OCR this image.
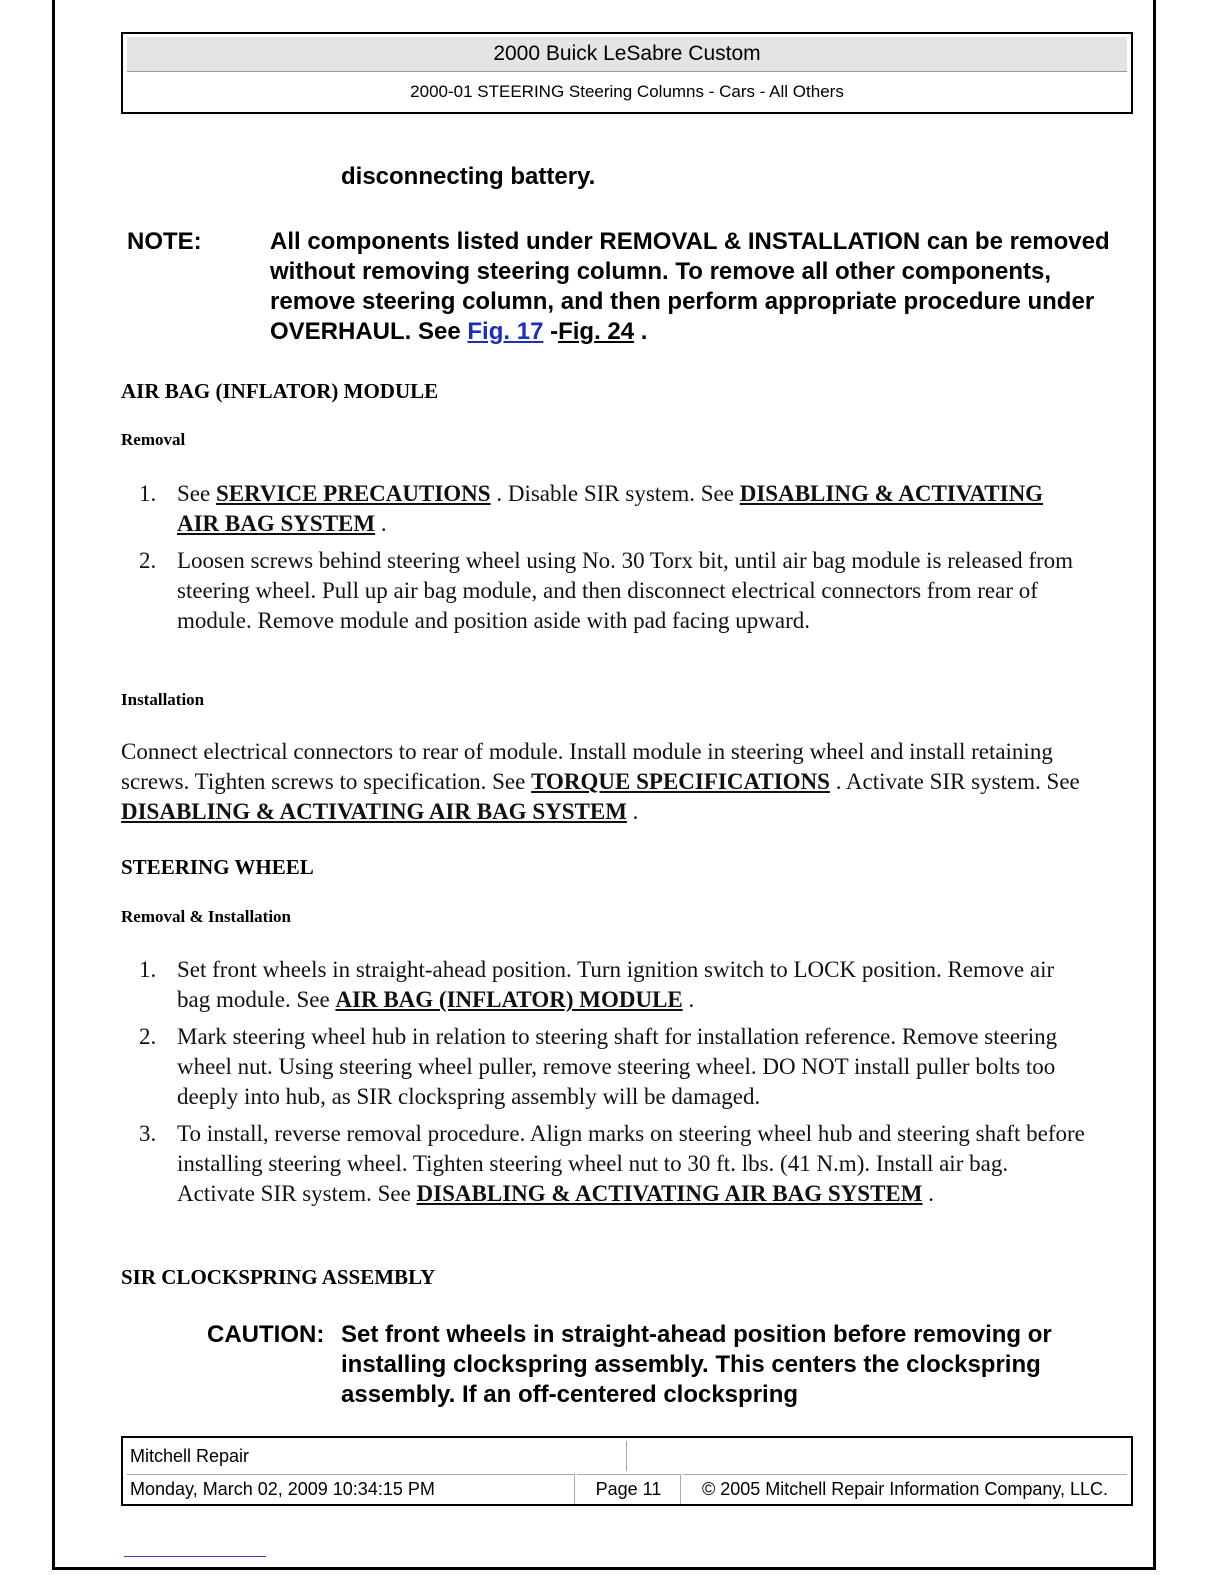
2000 Buick LeSabre Custom
2000-01 STEERING Steering Columns - Cars - All Others
disconnecting battery.
NOTE:	All components listed under REMOVAL & INSTALLATION can be removed without removing steering column. To remove all other components, remove steering column, and then perform appropriate procedure under OVERHAUL. See Fig. 17 -Fig. 24 .
AIR BAG (INFLATOR) MODULE
Removal
1. See SERVICE PRECAUTIONS . Disable SIR system. See DISABLING & ACTIVATING AIR BAG SYSTEM .
2. Loosen screws behind steering wheel using No. 30 Torx bit, until air bag module is released from steering wheel. Pull up air bag module, and then disconnect electrical connectors from rear of module. Remove module and position aside with pad facing upward.
Installation
Connect electrical connectors to rear of module. Install module in steering wheel and install retaining screws. Tighten screws to specification. See TORQUE SPECIFICATIONS . Activate SIR system. See DISABLING & ACTIVATING AIR BAG SYSTEM .
STEERING WHEEL
Removal & Installation
1. Set front wheels in straight-ahead position. Turn ignition switch to LOCK position. Remove air bag module. See AIR BAG (INFLATOR) MODULE .
2. Mark steering wheel hub in relation to steering shaft for installation reference. Remove steering wheel nut. Using steering wheel puller, remove steering wheel. DO NOT install puller bolts too deeply into hub, as SIR clockspring assembly will be damaged.
3. To install, reverse removal procedure. Align marks on steering wheel hub and steering shaft before installing steering wheel. Tighten steering wheel nut to 30 ft. lbs. (41 N.m). Install air bag. Activate SIR system. See DISABLING & ACTIVATING AIR BAG SYSTEM .
SIR CLOCKSPRING ASSEMBLY
CAUTION: Set front wheels in straight-ahead position before removing or installing clockspring assembly. This centers the clockspring assembly. If an off-centered clockspring
Mitchell Repair
Monday, March 02, 2009 10:34:15 PM	Page 11	© 2005 Mitchell Repair Information Company, LLC.
